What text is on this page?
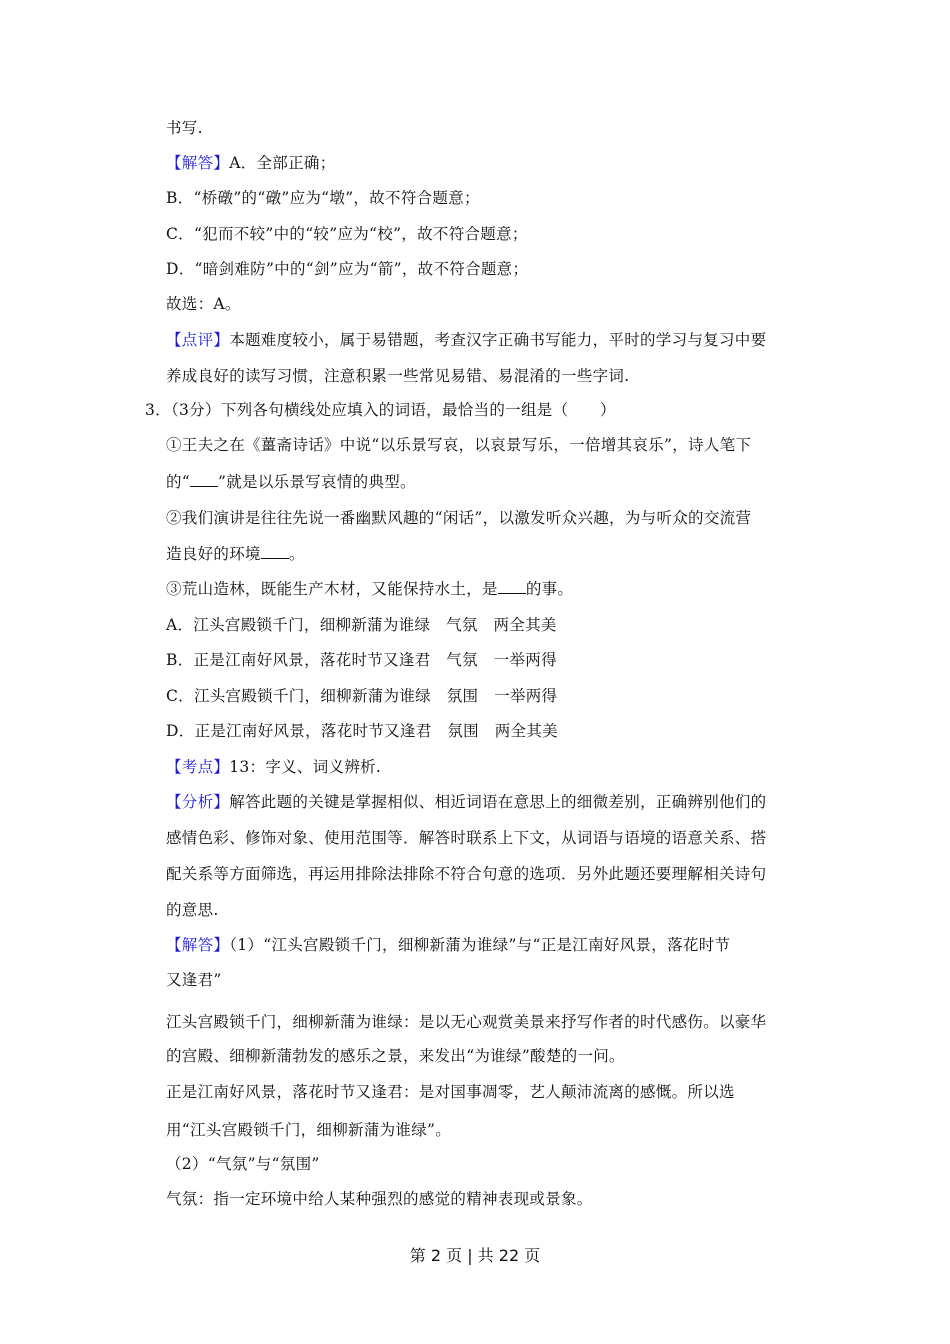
书写.
【解答】A．全部正确；
B．“桥礅”的“礅”应为“墩”，故不符合题意；
C．“犯而不较”中的“较”应为“校”，故不符合题意；
D．“暗剑难防”中的“剑”应为“箭”，故不符合题意；
故选：A。
【点评】本题难度较小，属于易错题，考查汉字正确书写能力，平时的学习与复习中要
养成良好的读写习惯，注意积累一些常见易错、易混淆的一些字词.
3．（3分）下列各句横线处应填入的词语，最恰当的一组是（　　）
①王夫之在《薑斋诗话》中说“以乐景写哀，以哀景写乐，一倍增其哀乐”，诗人笔下
的“ ”就是以乐景写哀情的典型。
②我们演讲是往往先说一番幽默风趣的“闲话”，以激发听众兴趣，为与听众的交流营
造良好的环境 。
③荒山造林，既能生产木材，又能保持水土，是 的事。
A．江头宫殿锁千门，细柳新蒲为谁绿　气氛　两全其美
B．正是江南好风景，落花时节又逢君　气氛　一举两得
C．江头宫殿锁千门，细柳新蒲为谁绿　氛围　一举两得
D．正是江南好风景，落花时节又逢君　氛围　两全其美
【考点】13：字义、词义辨析.
【分析】解答此题的关键是掌握相似、相近词语在意思上的细微差别，正确辨别他们的
感情色彩、修饰对象、使用范围等．解答时联系上下文，从词语与语境的语意关系、搭
配关系等方面筛选，再运用排除法排除不符合句意的选项．另外此题还要理解相关诗句
的意思.
【解答】（1）“江头宫殿锁千门，细柳新蒲为谁绿”与“正是江南好风景，落花时节
又逢君”
江头宫殿锁千门，细柳新蒲为谁绿：是以无心观赏美景来抒写作者的时代感伤。以豪华
的宫殿、细柳新蒲勃发的感乐之景，来发出“为谁绿”酸楚的一问。
正是江南好风景，落花时节又逢君：是对国事凋零，艺人颠沛流离的感慨。所以选
用“江头宫殿锁千门，细柳新蒲为谁绿”。
（2）“气氛”与“氛围”
气氛：指一定环境中给人某种强烈的感觉的精神表现或景象。
第 2 页 | 共 22 页
